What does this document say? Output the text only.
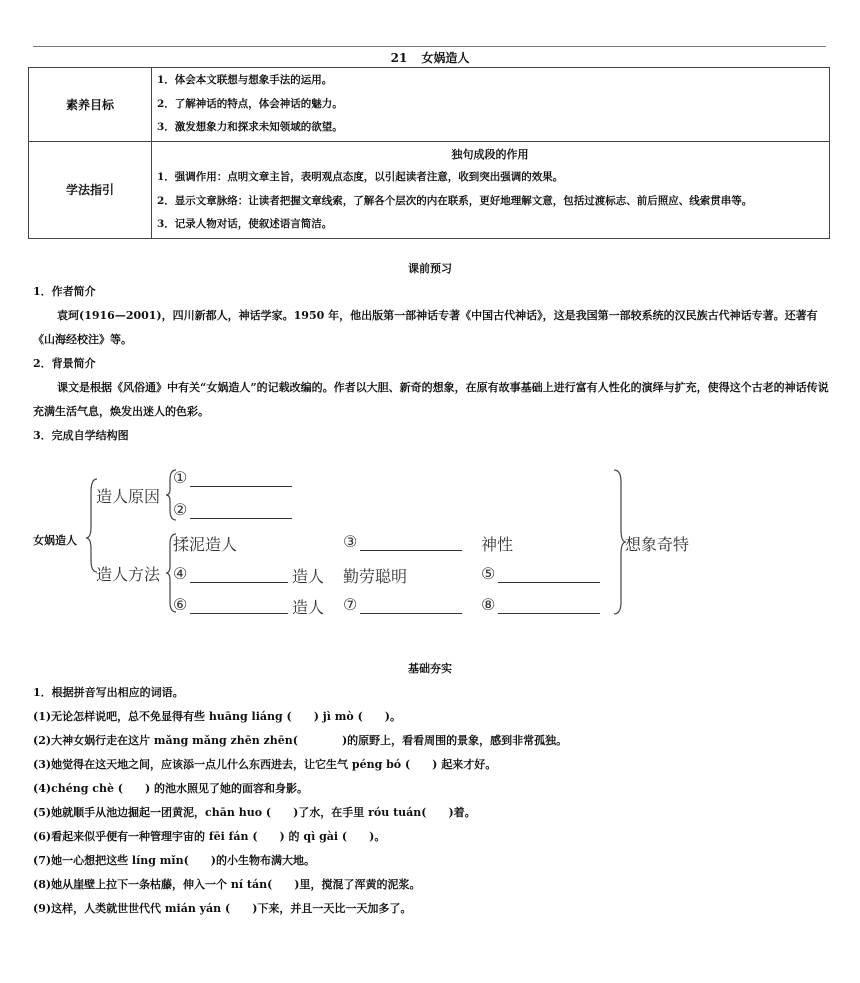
21 女娲造人
素养目标	1．体会本文联想与想象手法的运用。
2．了解神话的特点，体会神话的魅力。
3．激发想象力和探求未知领域的欲望。

学法指引	独句成段的作用
1．强调作用：点明文章主旨，表明观点态度，以引起读者注意，收到突出强调的效果。
2．显示文章脉络：让读者把握文章线索，了解各个层次的内在联系，更好地理解文意，包括过渡标志、前后照应、线索贯串等。
3．记录人物对话，使叙述语言简洁。
课前预习
1．作者简介
袁珂(1916—2001)，四川新都人，神话学家。1950 年，他出版第一部神话专著《中国古代神话》，这是我国第一部较系统的汉民族古代神话专著。还著有《山海经校注》等。
2．背景简介
课文是根据《风俗通》中有关“女娲造人”的记载改编的。作者以大胆、新奇的想象，在原有故事基础上进行富有人性化的演绎与扩充，使得这个古老的神话传说充满生活气息，焕发出迷人的色彩。
3．完成自学结构图
女娲造人
造人原因
①
②
造人方法
揉泥造人	③	神性
④	造人 勤劳聪明	⑤
⑥	造人 ⑦	⑧
想象奇特
基础夯实
1．根据拼音写出相应的词语。
(1)无论怎样说吧，总不免显得有些 huāng liáng (　　) jì mò (　　)。
(2)大神女娲行走在这片 mǎng mǎng zhēn zhēn(　　　　)的原野上，看看周围的景象，感到非常孤独。
(3)她觉得在这天地之间，应该添一点儿什么东西进去，让它生气 péng bó (　　) 起来才好。
(4)chéng chè (　　) 的池水照见了她的面容和身影。
(5)她就顺手从池边掘起一团黄泥，chān huo (　　)了水，在手里 róu tuán(　　)着。
(6)看起来似乎便有一种管理宇宙的 fēi fán (　　) 的 qì gài (　　)。
(7)她一心想把这些 líng mǐn(　　)的小生物布满大地。
(8)她从崖壁上拉下一条枯藤，伸入一个 ní tán(　　)里，搅混了浑黄的泥浆。
(9)这样，人类就世世代代 mián yán (　　)下来，并且一天比一天加多了。
